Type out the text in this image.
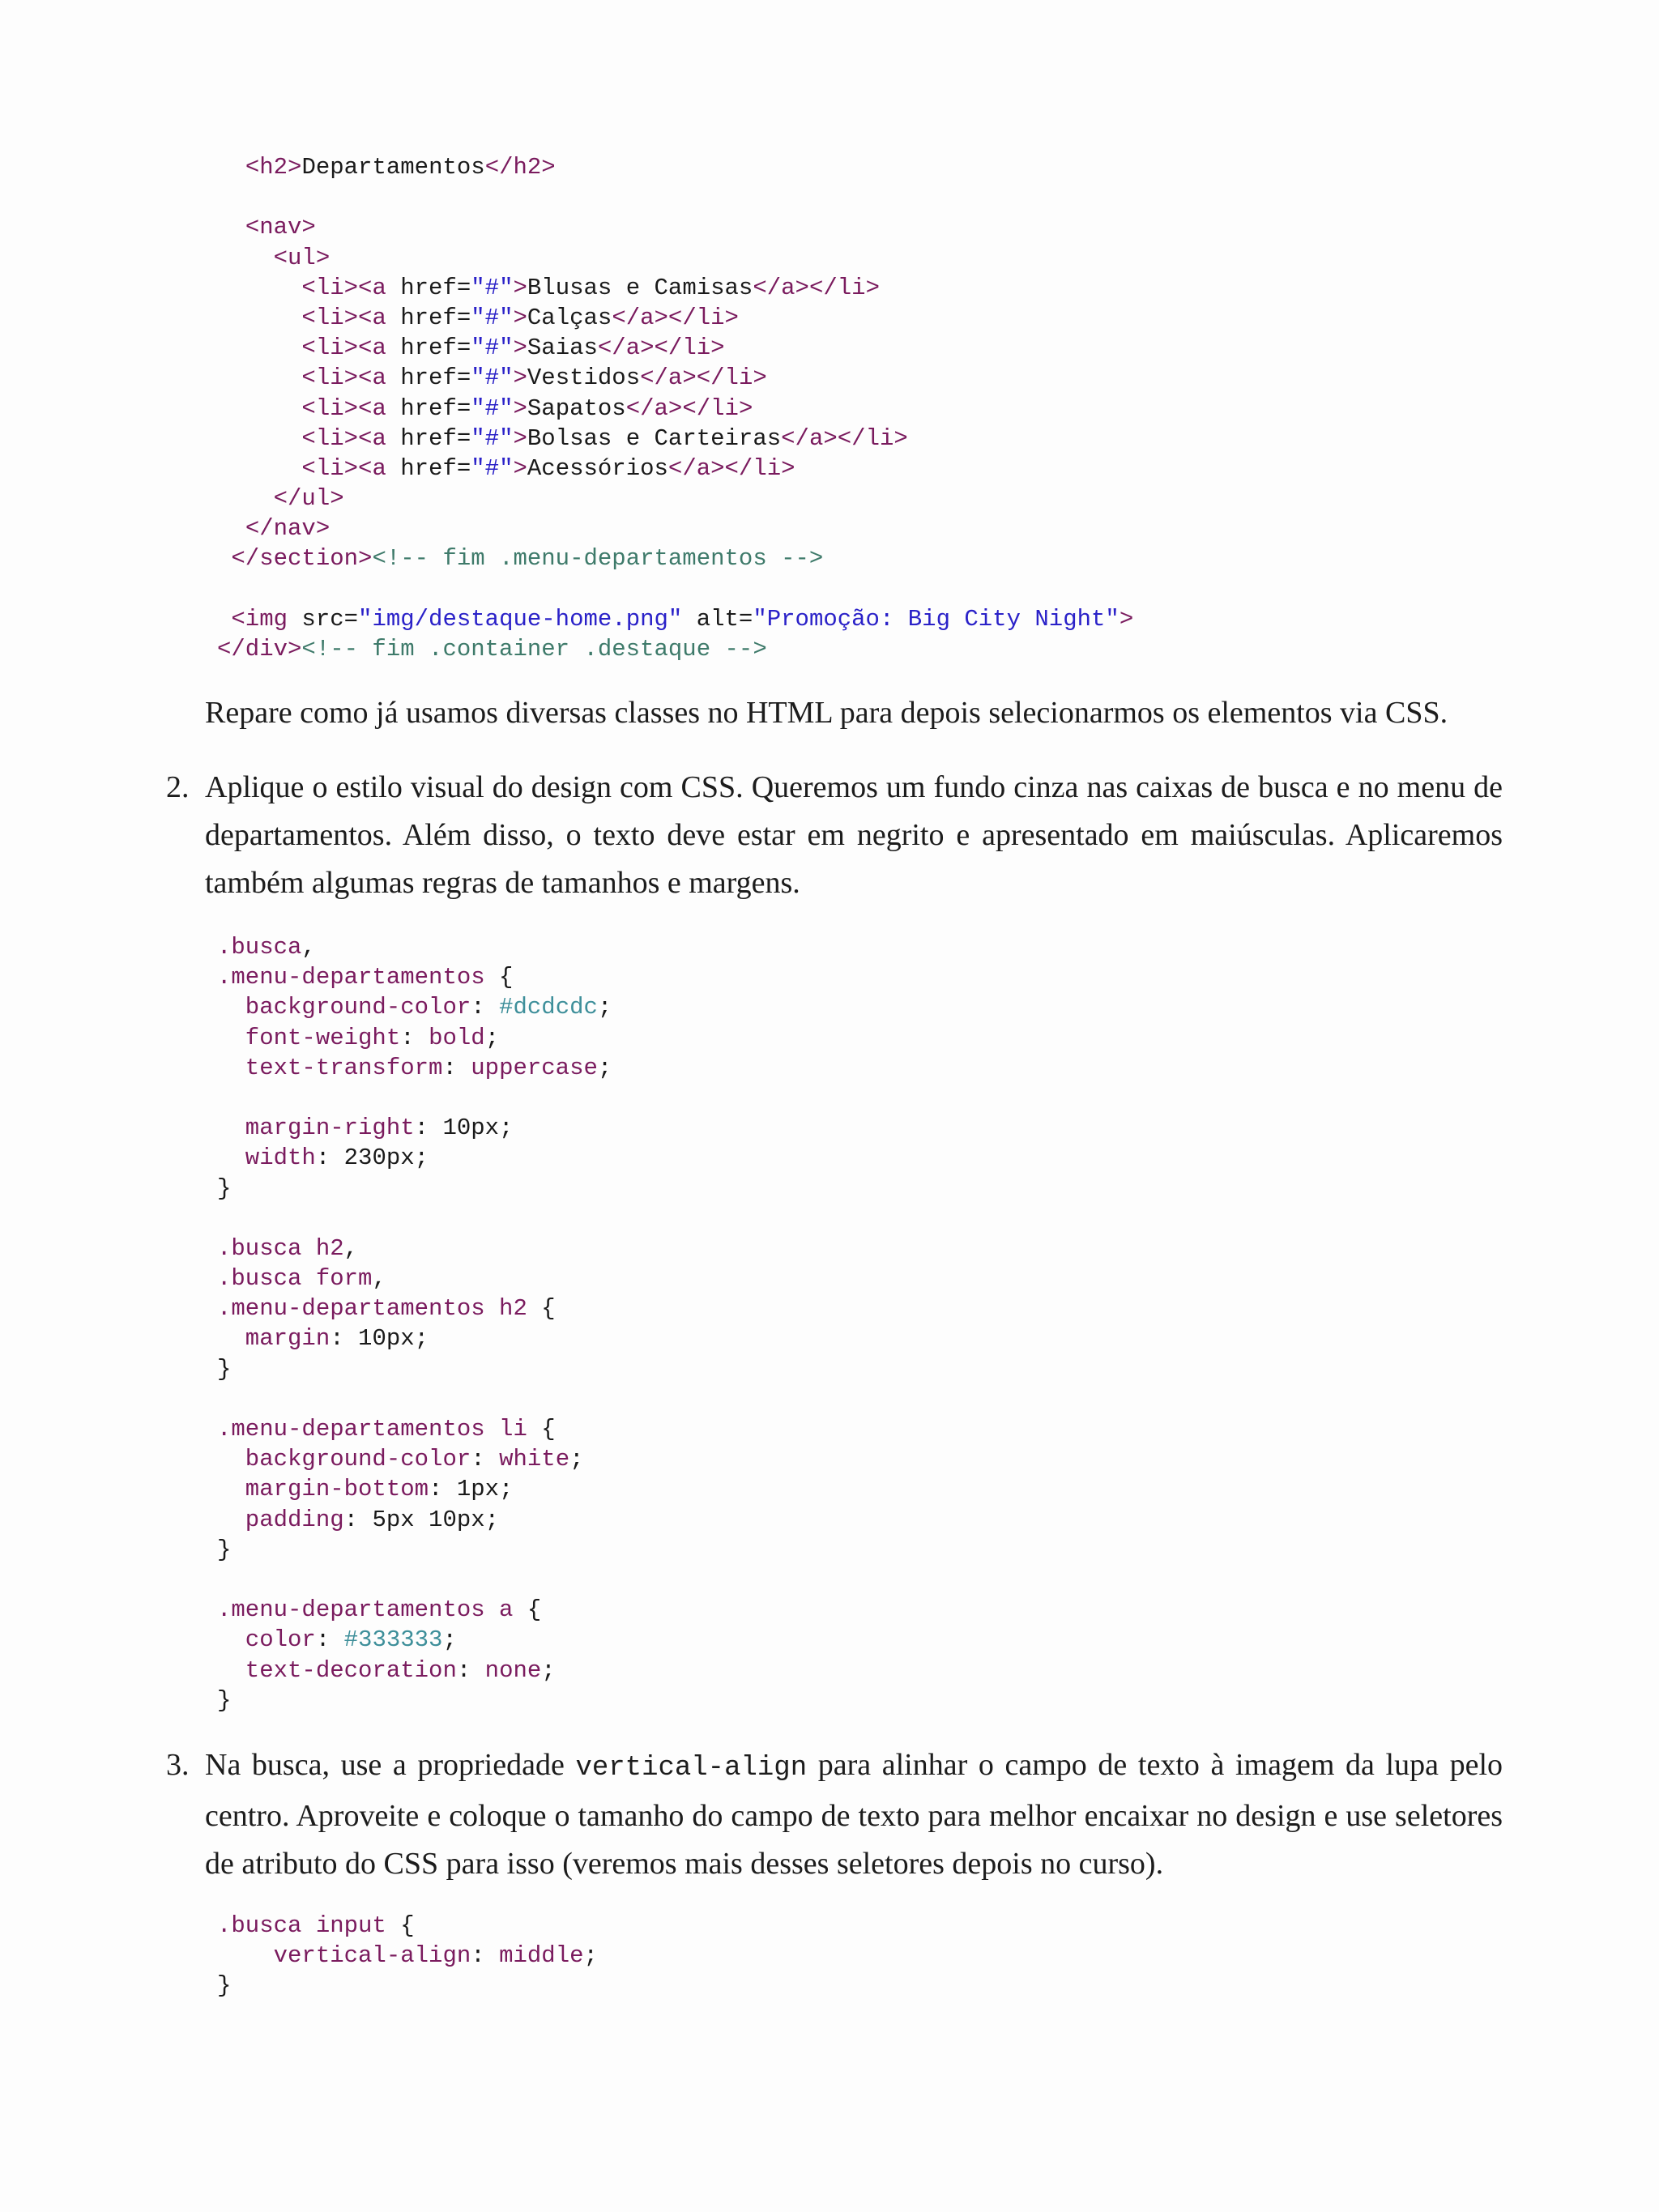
<h2>Departamentos</h2>
<nav>
<ul>
<li><a href="#">Blusas e Camisas</a></li>
<li><a href="#">Calças</a></li>
<li><a href="#">Saias</a></li>
<li><a href="#">Vestidos</a></li>
<li><a href="#">Sapatos</a></li>
<li><a href="#">Bolsas e Carteiras</a></li>
<li><a href="#">Acessórios</a></li>
</ul>
</nav>
</section><!-- fim .menu-departamentos -->
<img src="img/destaque-home.png" alt="Promoção: Big City Night">
</div><!-- fim .container .destaque -->

Repare como já usamos diversas classes no HTML para depois selecionarmos os elementos via CSS.

2. Aplique o estilo visual do design com CSS. Queremos um fundo cinza nas caixas de busca e no menu de departamentos. Além disso, o texto deve estar em negrito e apresentado em maiúsculas. Aplicaremos também algumas regras de tamanhos e margens.

.busca,
.menu-departamentos {
background-color: #dcdcdc;
font-weight: bold;
text-transform: uppercase;
margin-right: 10px;
width: 230px;
}
.busca h2,
.busca form,
.menu-departamentos h2 {
margin: 10px;
}
.menu-departamentos li {
background-color: white;
margin-bottom: 1px;
padding: 5px 10px;
}
.menu-departamentos a {
color: #333333;
text-decoration: none;
}
3. Na busca, use a propriedade vertical-align para alinhar o campo de texto à imagem da lupa pelo centro. Aproveite e coloque o tamanho do campo de texto para melhor encaixar no design e use seletores de atributo do CSS para isso (veremos mais desses seletores depois no curso).

.busca input {
vertical-align: middle;
}
